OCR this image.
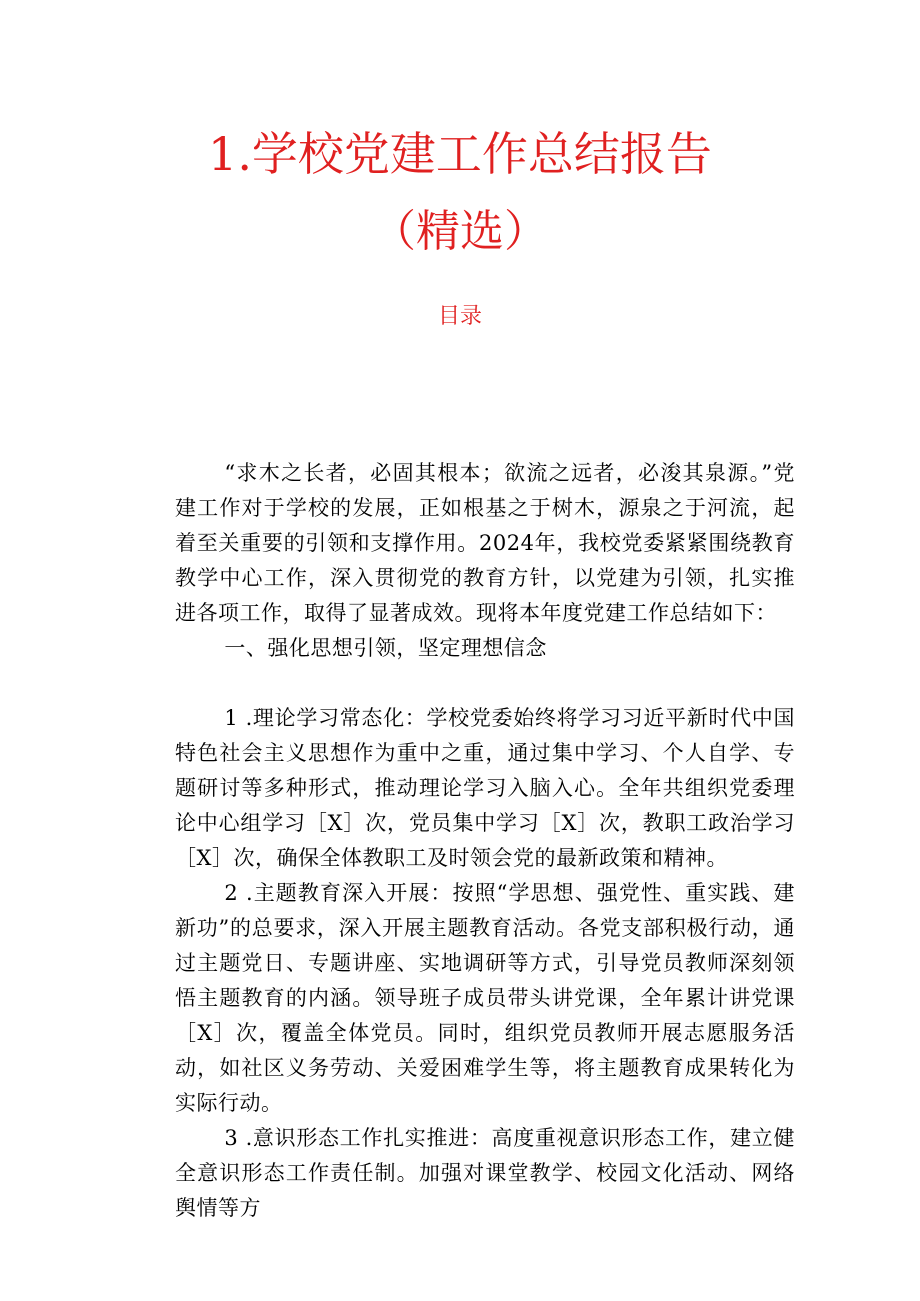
1.学校党建工作总结报告
（精选）
目录

“求木之长者，必固其根本；欲流之远者，必浚其泉源。”党建工作对于学校的发展，正如根基之于树木，源泉之于河流，起着至关重要的引领和支撑作用。2024年，我校党委紧紧围绕教育教学中心工作，深入贯彻党的教育方针，以党建为引领，扎实推进各项工作，取得了显著成效。现将本年度党建工作总结如下：

一、强化思想引领，坚定理想信念

1 .理论学习常态化：学校党委始终将学习习近平新时代中国特色社会主义思想作为重中之重，通过集中学习、个人自学、专题研讨等多种形式，推动理论学习入脑入心。全年共组织党委理论中心组学习［X］次，党员集中学习［X］次，教职工政治学习［X］次，确保全体教职工及时领会党的最新政策和精神。

2 .主题教育深入开展：按照“学思想、强党性、重实践、建新功”的总要求，深入开展主题教育活动。各党支部积极行动，通过主题党日、专题讲座、实地调研等方式，引导党员教师深刻领悟主题教育的内涵。领导班子成员带头讲党课，全年累计讲党课［X］次，覆盖全体党员。同时，组织党员教师开展志愿服务活动，如社区义务劳动、关爱困难学生等，将主题教育成果转化为实际行动。

3 .意识形态工作扎实推进：高度重视意识形态工作，建立健全意识形态工作责任制。加强对课堂教学、校园文化活动、网络舆情等方
